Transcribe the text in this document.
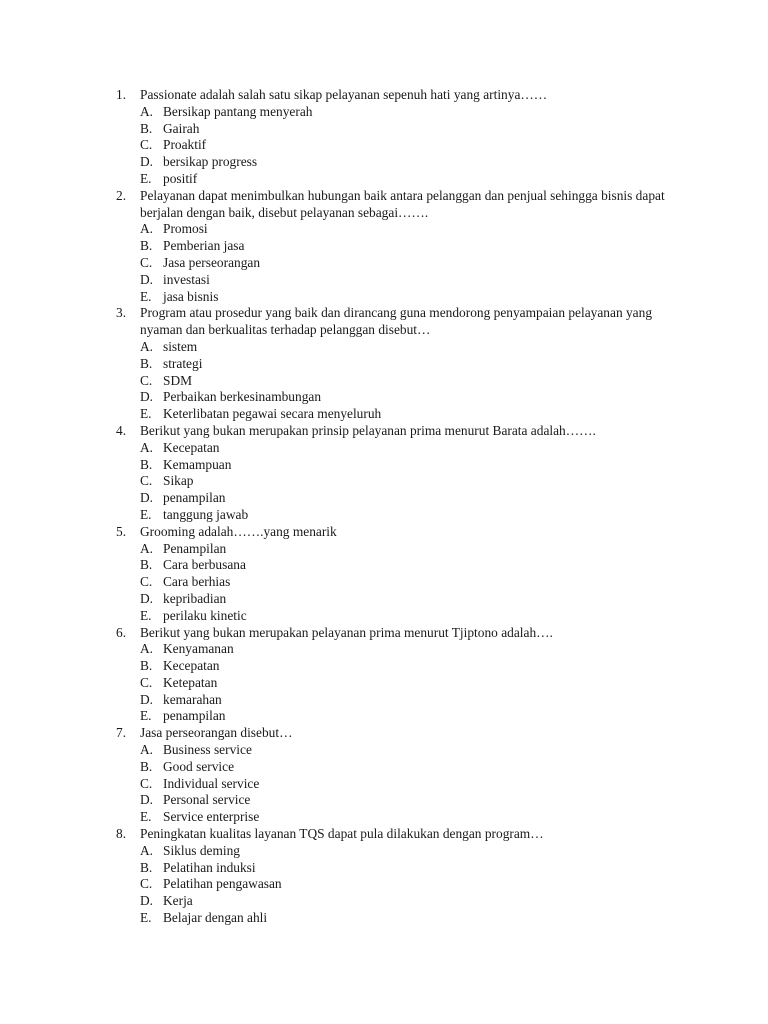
1.	Passionate adalah salah satu sikap pelayanan sepenuh hati yang artinya……
A. Bersikap pantang menyerah
B. Gairah
C. Proaktif
D. bersikap progress
E. positif
2.	Pelayanan dapat menimbulkan hubungan baik antara pelanggan dan penjual sehingga bisnis dapat berjalan dengan baik, disebut pelayanan sebagai…….
A. Promosi
B. Pemberian jasa
C. Jasa perseorangan
D. investasi
E. jasa bisnis
3.	Program atau prosedur yang baik dan dirancang guna mendorong penyampaian pelayanan yang nyaman dan berkualitas terhadap pelanggan disebut…
A. sistem
B. strategi
C. SDM
D. Perbaikan berkesinambungan
E. Keterlibatan pegawai secara menyeluruh
4.	Berikut yang bukan merupakan prinsip pelayanan prima menurut Barata adalah…….
A. Kecepatan
B. Kemampuan
C. Sikap
D. penampilan
E. tanggung jawab
5.	Grooming adalah…….yang menarik
A. Penampilan
B. Cara berbusana
C. Cara berhias
D. kepribadian
E. perilaku kinetic
6.	Berikut yang bukan merupakan pelayanan prima menurut Tjiptono adalah….
A. Kenyamanan
B. Kecepatan
C. Ketepatan
D. kemarahan
E. penampilan
7.	Jasa perseorangan disebut…
A. Business service
B. Good service
C. Individual service
D. Personal service
E. Service enterprise
8.	Peningkatan kualitas layanan TQS dapat pula dilakukan dengan program…
A. Siklus deming
B. Pelatihan induksi
C. Pelatihan pengawasan
D. Kerja
E. Belajar dengan ahli
